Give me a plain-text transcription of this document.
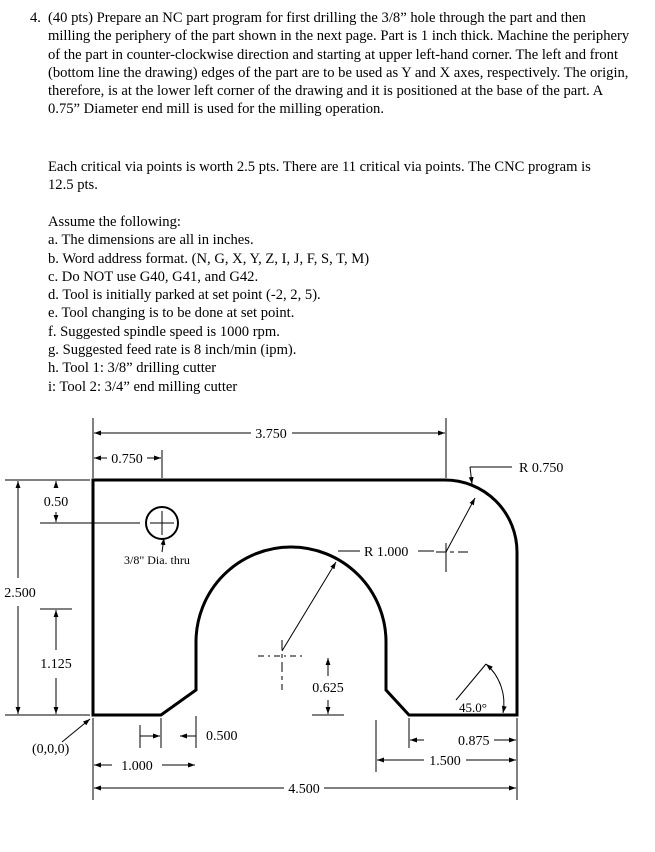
4. (40 pts) Prepare an NC part program for first drilling the 3/8” hole through the part and then milling the periphery of the part shown in the next page. Part is 1 inch thick. Machine the periphery of the part in counter-clockwise direction and starting at upper left-hand corner. The left and front (bottom line the drawing) edges of the part are to be used as Y and X axes, respectively. The origin, therefore, is at the lower left corner of the drawing and it is positioned at the base of the part. A 0.75” Diameter end mill is used for the milling operation.
Each critical via points is worth 2.5 pts. There are 11 critical via points. The CNC program is 12.5 pts.
Assume the following:
a. The dimensions are all in inches.
b. Word address format. (N, G, X, Y, Z, I, J, F, S, T, M)
c. Do NOT use G40, G41, and G42.
d. Tool is initially parked at set point (-2, 2, 5).
e. Tool changing is to be done at set point.
f. Suggested spindle speed is 1000 rpm.
g. Suggested feed rate is 8 inch/min (ipm).
h. Tool 1: 3/8” drilling cutter
i: Tool 2: 3/4” end milling cutter
3.750
0.750
R 0.750
0.50
3/8" Dia. thru	R 1.000
2.500
1.125
0.625
45.0°
(0,0,0)
0.500
1.000
0.875
1.500
4.500
